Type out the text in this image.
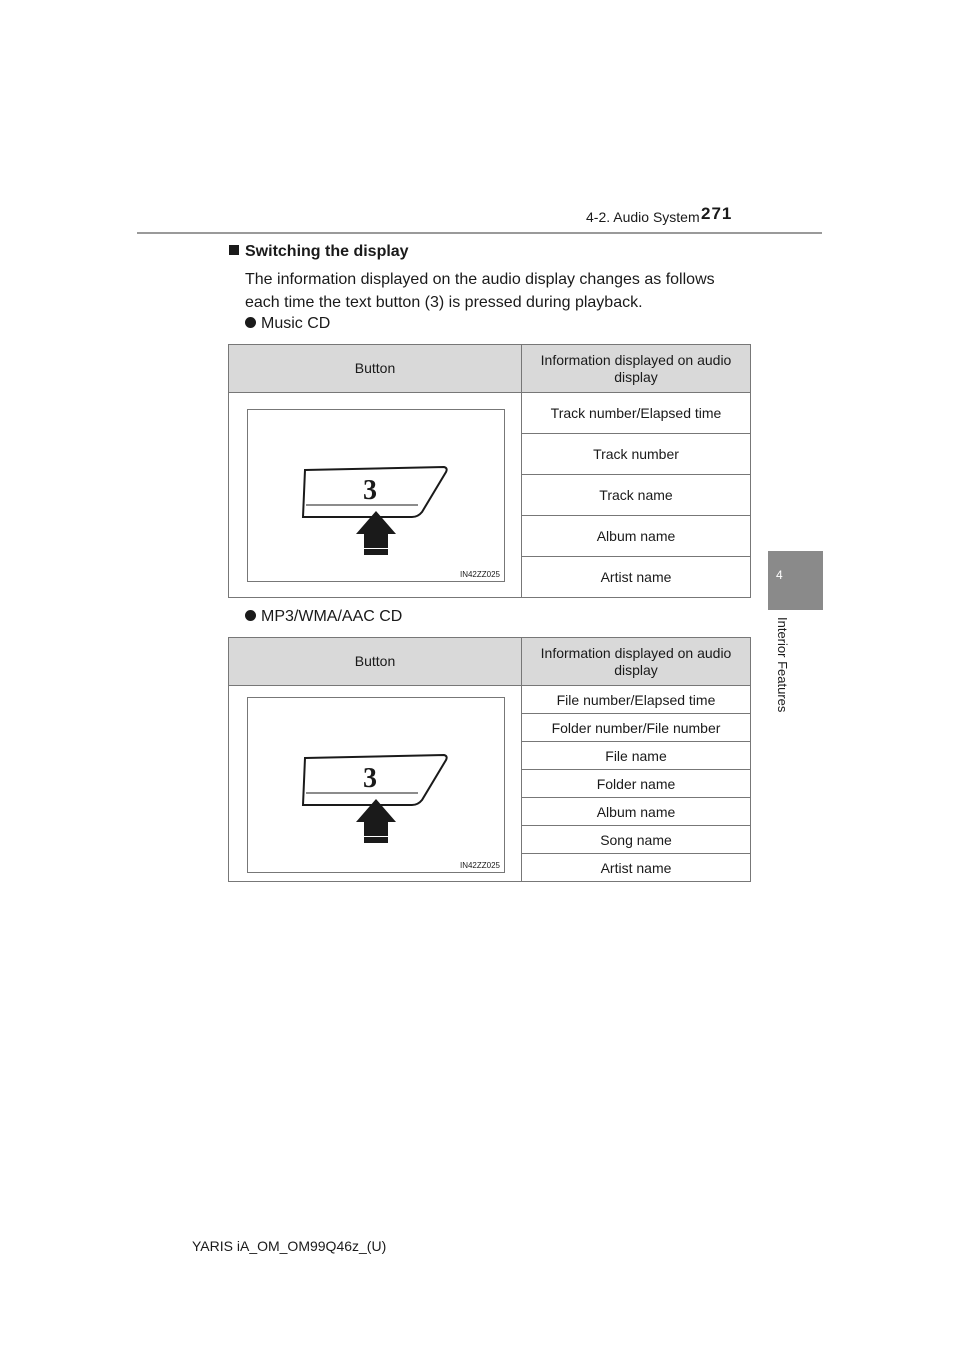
4-2. Audio System 271
4
Interior Features
Switching the display
The information displayed on the audio display changes as follows
each time the text button (3) is pressed during playback.
Music CD
Button	Information displayed on audio display

3
IN42ZZ025	Track number/Elapsed time
	Track number
	Track name
	Album name
	Artist name
MP3/WMA/AAC CD
Button	Information displayed on audio display

3
IN42ZZ025	File number/Elapsed time
	Folder number/File number
	File name
	Folder name
	Album name
	Song name
	Artist name
YARIS iA_OM_OM99Q46z_(U)
